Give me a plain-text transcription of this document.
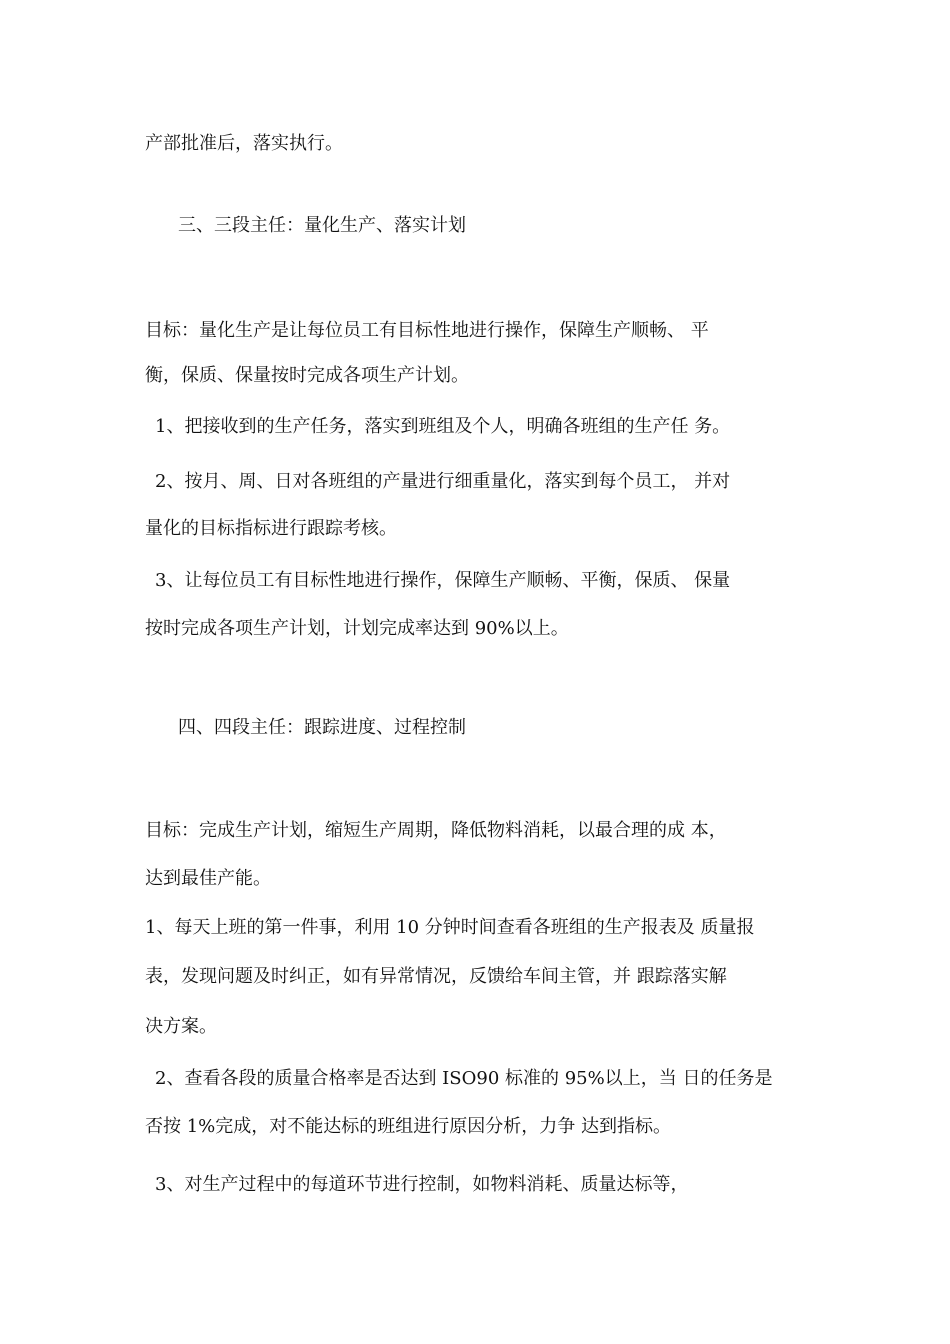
产部批准后，落实执行。
三、三段主任：量化生产、落实计划
目标：量化生产是让每位员工有目标性地进行操作，保障生产顺畅、 平
衡，保质、保量按时完成各项生产计划。
1、把接收到的生产任务，落实到班组及个人，明确各班组的生产任 务。
2、按月、周、日对各班组的产量进行细重量化，落实到每个员工， 并对
量化的目标指标进行跟踪考核。
3、让每位员工有目标性地进行操作，保障生产顺畅、平衡，保质、 保量
按时完成各项生产计划，计划完成率达到 90%以上。
四、四段主任：跟踪进度、过程控制
目标：完成生产计划，缩短生产周期，降低物料消耗，以最合理的成 本，
达到最佳产能。
1、每天上班的第一件事，利用 10 分钟时间查看各班组的生产报表及 质量报
表，发现问题及时纠正，如有异常情况，反馈给车间主管，并 跟踪落实解
决方案。
2、查看各段的质量合格率是否达到 ISO90 标准的 95%以上，当 日的任务是
否按 1%完成，对不能达标的班组进行原因分析，力争 达到指标。
3、对生产过程中的每道环节进行控制，如物料消耗、质量达标等，
